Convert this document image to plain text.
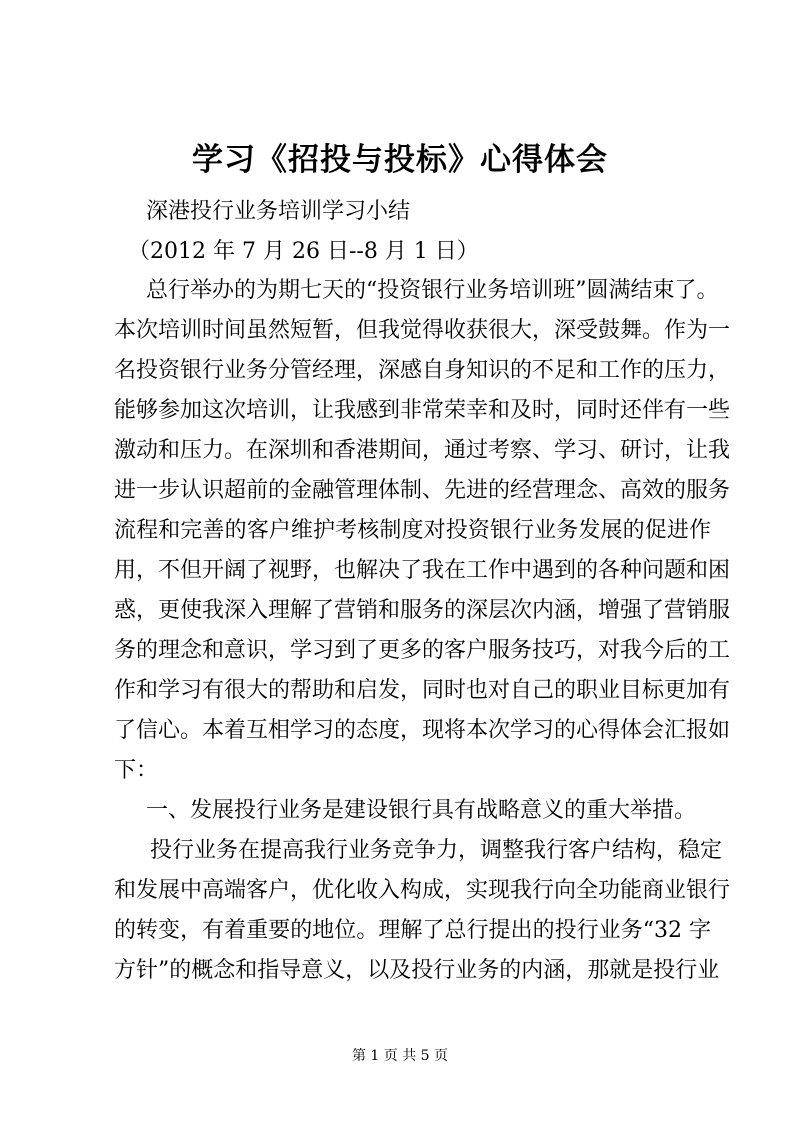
学习《招投与投标》心得体会
深港投行业务培训学习小结
（2012 年 7 月 26 日--8 月 1 日）
总行举办的为期七天的“投资银行业务培训班”圆满结束了。
本次培训时间虽然短暂，但我觉得收获很大，深受鼓舞。作为一
名投资银行业务分管经理，深感自身知识的不足和工作的压力，
能够参加这次培训，让我感到非常荣幸和及时，同时还伴有一些
激动和压力。在深圳和香港期间，通过考察、学习、研讨，让我
进一步认识超前的金融管理体制、先进的经营理念、高效的服务
流程和完善的客户维护考核制度对投资银行业务发展的促进作
用，不但开阔了视野，也解决了我在工作中遇到的各种问题和困
惑，更使我深入理解了营销和服务的深层次内涵，增强了营销服
务的理念和意识，学习到了更多的客户服务技巧，对我今后的工
作和学习有很大的帮助和启发，同时也对自己的职业目标更加有
了信心。本着互相学习的态度，现将本次学习的心得体会汇报如
下：
一、发展投行业务是建设银行具有战略意义的重大举措。
投行业务在提高我行业务竞争力，调整我行客户结构，稳定
和发展中高端客户，优化收入构成，实现我行向全功能商业银行
的转变，有着重要的地位。理解了总行提出的投行业务“32 字
方针”的概念和指导意义，以及投行业务的内涵，那就是投行业
第 1 页 共 5 页
